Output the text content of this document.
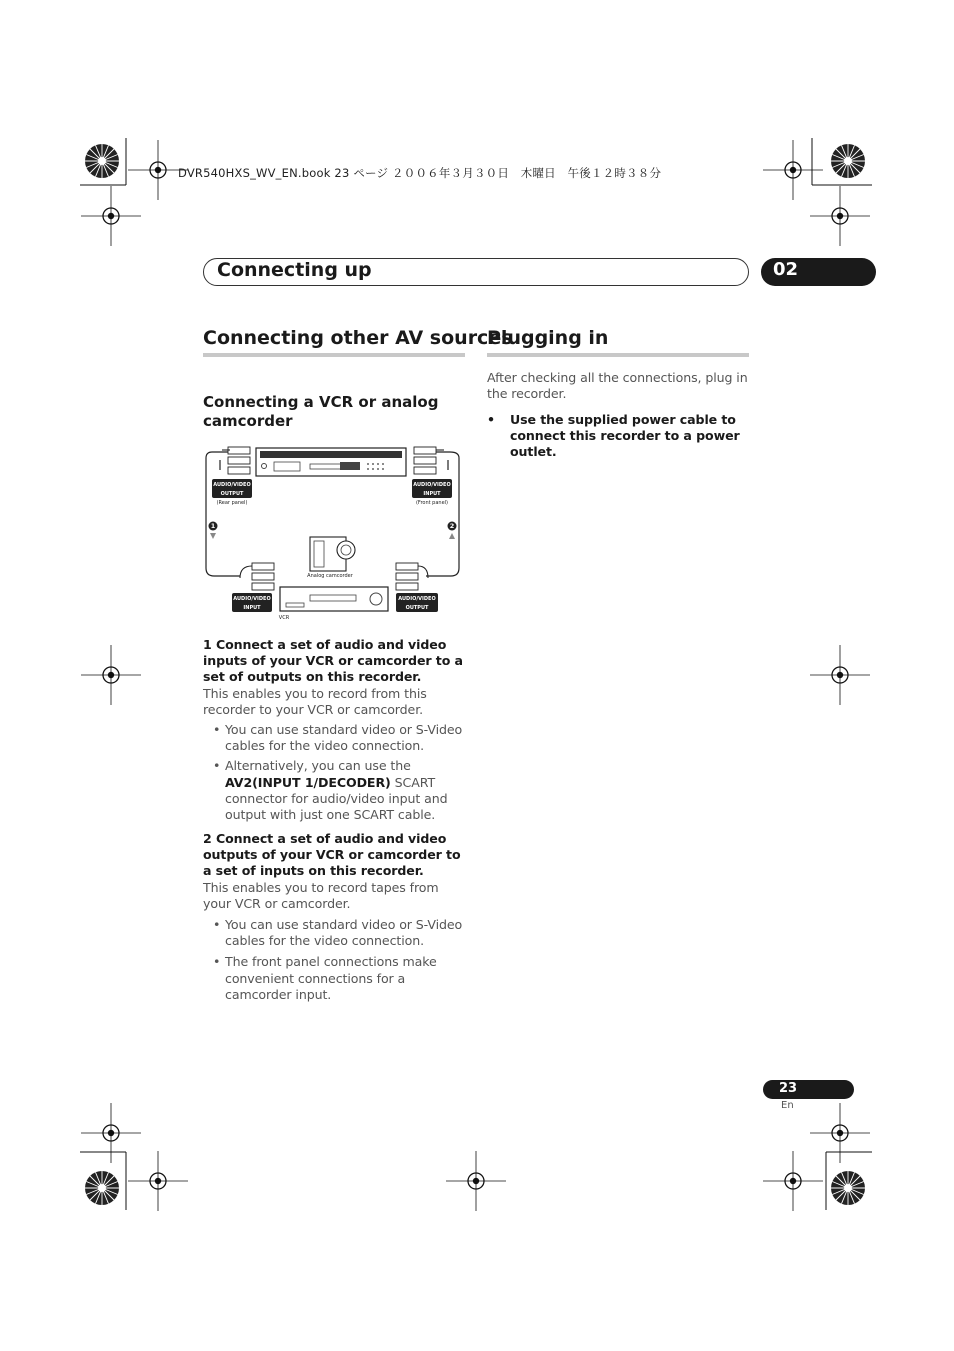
DVR540HXS_WV_EN.book 23 ページ ２００６年３月３０日　木曜日　午後１２時３８分
Connecting up	02
Connecting other AV sources
Connecting a VCR or analog camcorder
AUDIO/VIDEO
OUTPUT
AUDIO/VIDEO
INPUT
AUDIO/VIDEO
INPUT
AUDIO/VIDEO
OUTPUT
1	2
(Rear panel)	(Front panel)
Analog camcorder
VCR
1 Connect a set of audio and video inputs of your VCR or camcorder to a set of outputs on this recorder.
This enables you to record from this recorder to your VCR or camcorder.
• You can use standard video or S-Video cables for the video connection.
• Alternatively, you can use the AV2(INPUT 1/DECODER) SCART connector for audio/video input and output with just one SCART cable.
2 Connect a set of audio and video outputs of your VCR or camcorder to a set of inputs on this recorder.
This enables you to record tapes from your VCR or camcorder.
• You can use standard video or S-Video cables for the video connection.
• The front panel connections make convenient connections for a camcorder input.
Plugging in
After checking all the connections, plug in the recorder.
• Use the supplied power cable to connect this recorder to a power outlet.
23
En
